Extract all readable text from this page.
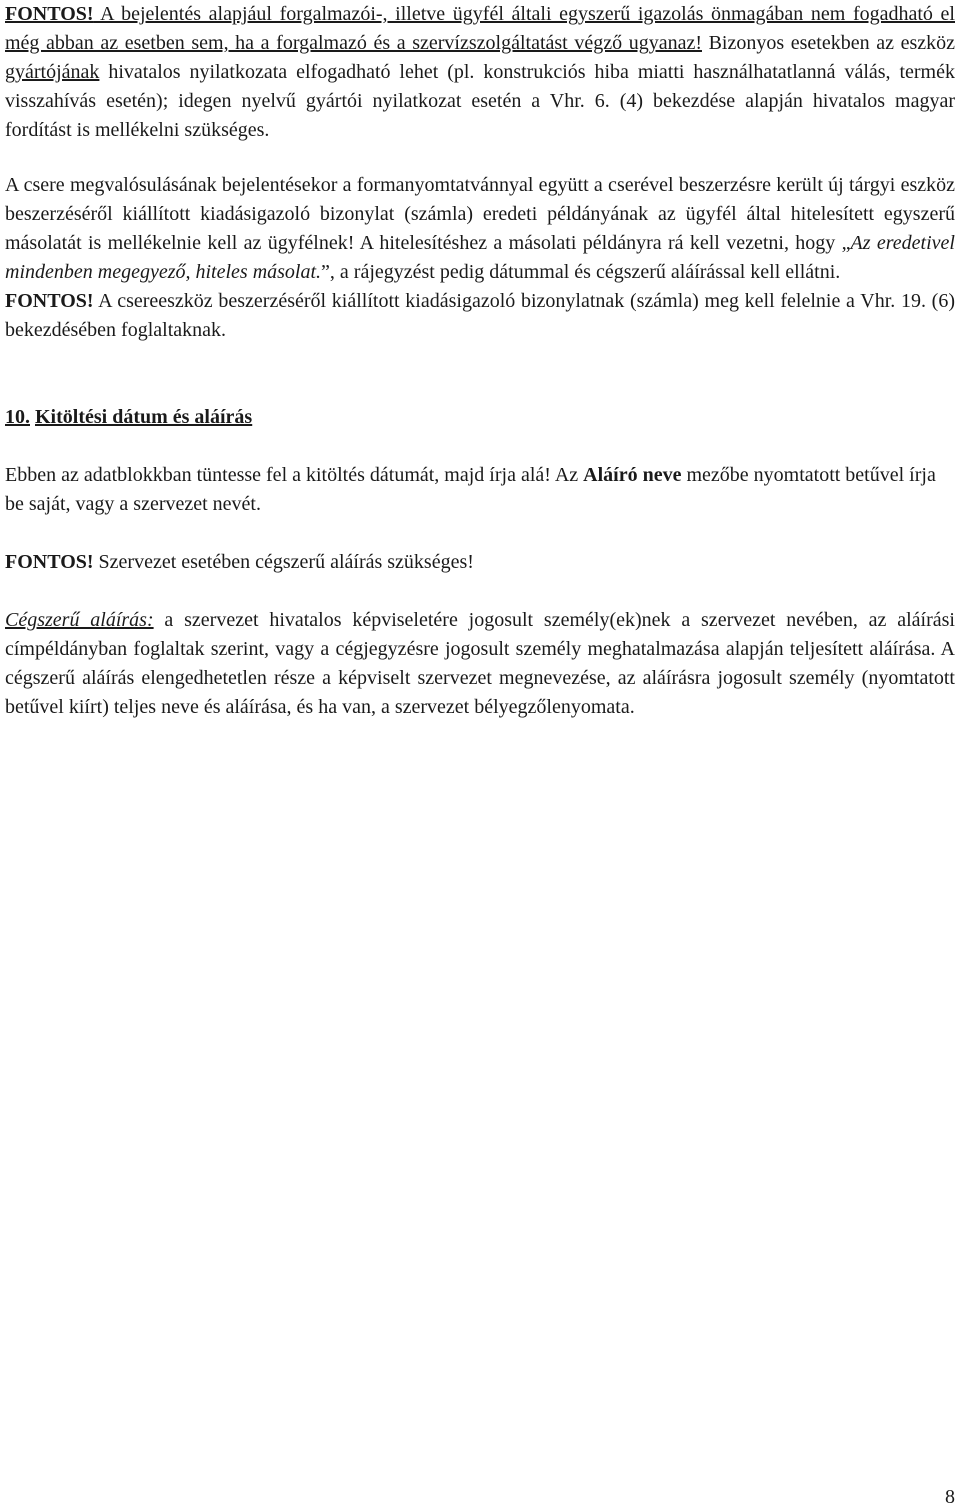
FONTOS! A bejelentés alapjául forgalmazói-, illetve ügyfél általi egyszerű igazolás önmagában nem fogadható el még abban az esetben sem, ha a forgalmazó és a szervízszolgáltatást végző ugyanaz! Bizonyos esetekben az eszköz gyártójának hivatalos nyilatkozata elfogadható lehet (pl. konstrukciós hiba miatti használhatatlanná válás, termék visszahívás esetén); idegen nyelvű gyártói nyilatkozat esetén a Vhr. 6. (4) bekezdése alapján hivatalos magyar fordítást is mellékelni szükséges.

A csere megvalósulásának bejelentésekor a formanyomtatvánnyal együtt a cserével beszerzésre került új tárgyi eszköz beszerzéséről kiállított kiadásigazoló bizonylat (számla) eredeti példányának az ügyfél által hitelesített egyszerű másolatát is mellékelnie kell az ügyfélnek! A hitelesítéshez a másolati példányra rá kell vezetni, hogy „Az eredetivel mindenben megegyező, hiteles másolat.”, a rájegyzést pedig dátummal és cégszerű aláírással kell ellátni.

FONTOS! A csereeszköz beszerzéséről kiállított kiadásigazoló bizonylatnak (számla) meg kell felelnie a Vhr. 19. (6) bekezdésében foglaltaknak.

10. Kitöltési dátum és aláírás

Ebben az adatblokkban tüntesse fel a kitöltés dátumát, majd írja alá! Az Aláíró neve mezőbe nyomtatott betűvel írja be saját, vagy a szervezet nevét.

FONTOS! Szervezet esetében cégszerű aláírás szükséges!

Cégszerű aláírás: a szervezet hivatalos képviseletére jogosult személy(ek)nek a szervezet nevében, az aláírási címpéldányban foglaltak szerint, vagy a cégjegyzésre jogosult személy meghatalmazása alapján teljesített aláírása. A cégszerű aláírás elengedhetetlen része a képviselt szervezet megnevezése, az aláírásra jogosult személy (nyomtatott betűvel kiírt) teljes neve és aláírása, és ha van, a szervezet bélyegzőlenyomata.

8
